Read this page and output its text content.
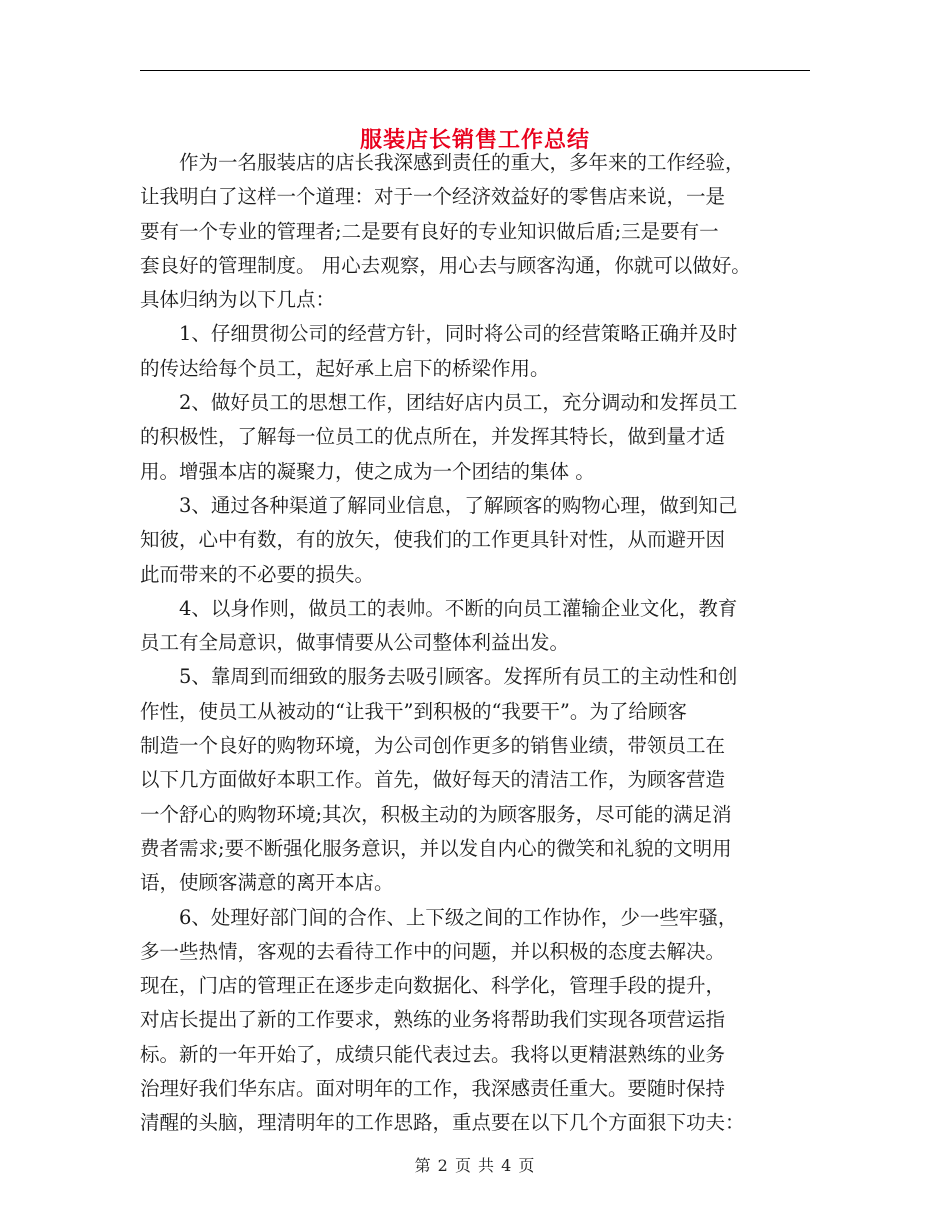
服装店长销售工作总结

作为一名服装店的店长我深感到责任的重大，多年来的工作经验，
让我明白了这样一个道理：对于一个经济效益好的零售店来说，一是
要有一个专业的管理者;二是要有良好的专业知识做后盾;三是要有一
套良好的管理制度。 用心去观察，用心去与顾客沟通，你就可以做好。
具体归纳为以下几点：

1、仔细贯彻公司的经营方针，同时将公司的经营策略正确并及时
的传达给每个员工，起好承上启下的桥梁作用。

2、做好员工的思想工作，团结好店内员工，充分调动和发挥员工
的积极性，了解每一位员工的优点所在，并发挥其特长，做到量才适
用。增强本店的凝聚力，使之成为一个团结的集体 。

3、通过各种渠道了解同业信息，了解顾客的购物心理，做到知己
知彼，心中有数，有的放矢，使我们的工作更具针对性，从而避开因
此而带来的不必要的损失。

4、以身作则，做员工的表帅。不断的向员工灌输企业文化，教育
员工有全局意识，做事情要从公司整体利益出发。

5、靠周到而细致的服务去吸引顾客。发挥所有员工的主动性和创
作性，使员工从被动的“让我干”到积极的“我要干”。为了给顾客
制造一个良好的购物环境，为公司创作更多的销售业绩，带领员工在
以下几方面做好本职工作。首先，做好每天的清洁工作，为顾客营造
一个舒心的购物环境;其次，积极主动的为顾客服务，尽可能的满足消
费者需求;要不断强化服务意识，并以发自内心的微笑和礼貌的文明用
语，使顾客满意的离开本店。

6、处理好部门间的合作、上下级之间的工作协作，少一些牢骚，
多一些热情，客观的去看待工作中的问题，并以积极的态度去解决。
现在，门店的管理正在逐步走向数据化、科学化，管理手段的提升，
对店长提出了新的工作要求，熟练的业务将帮助我们实现各项营运指
标。新的一年开始了，成绩只能代表过去。我将以更精湛熟练的业务
治理好我们华东店。面对明年的工作，我深感责任重大。要随时保持
清醒的头脑，理清明年的工作思路，重点要在以下几个方面狠下功夫：

第 2 页 共 4 页
